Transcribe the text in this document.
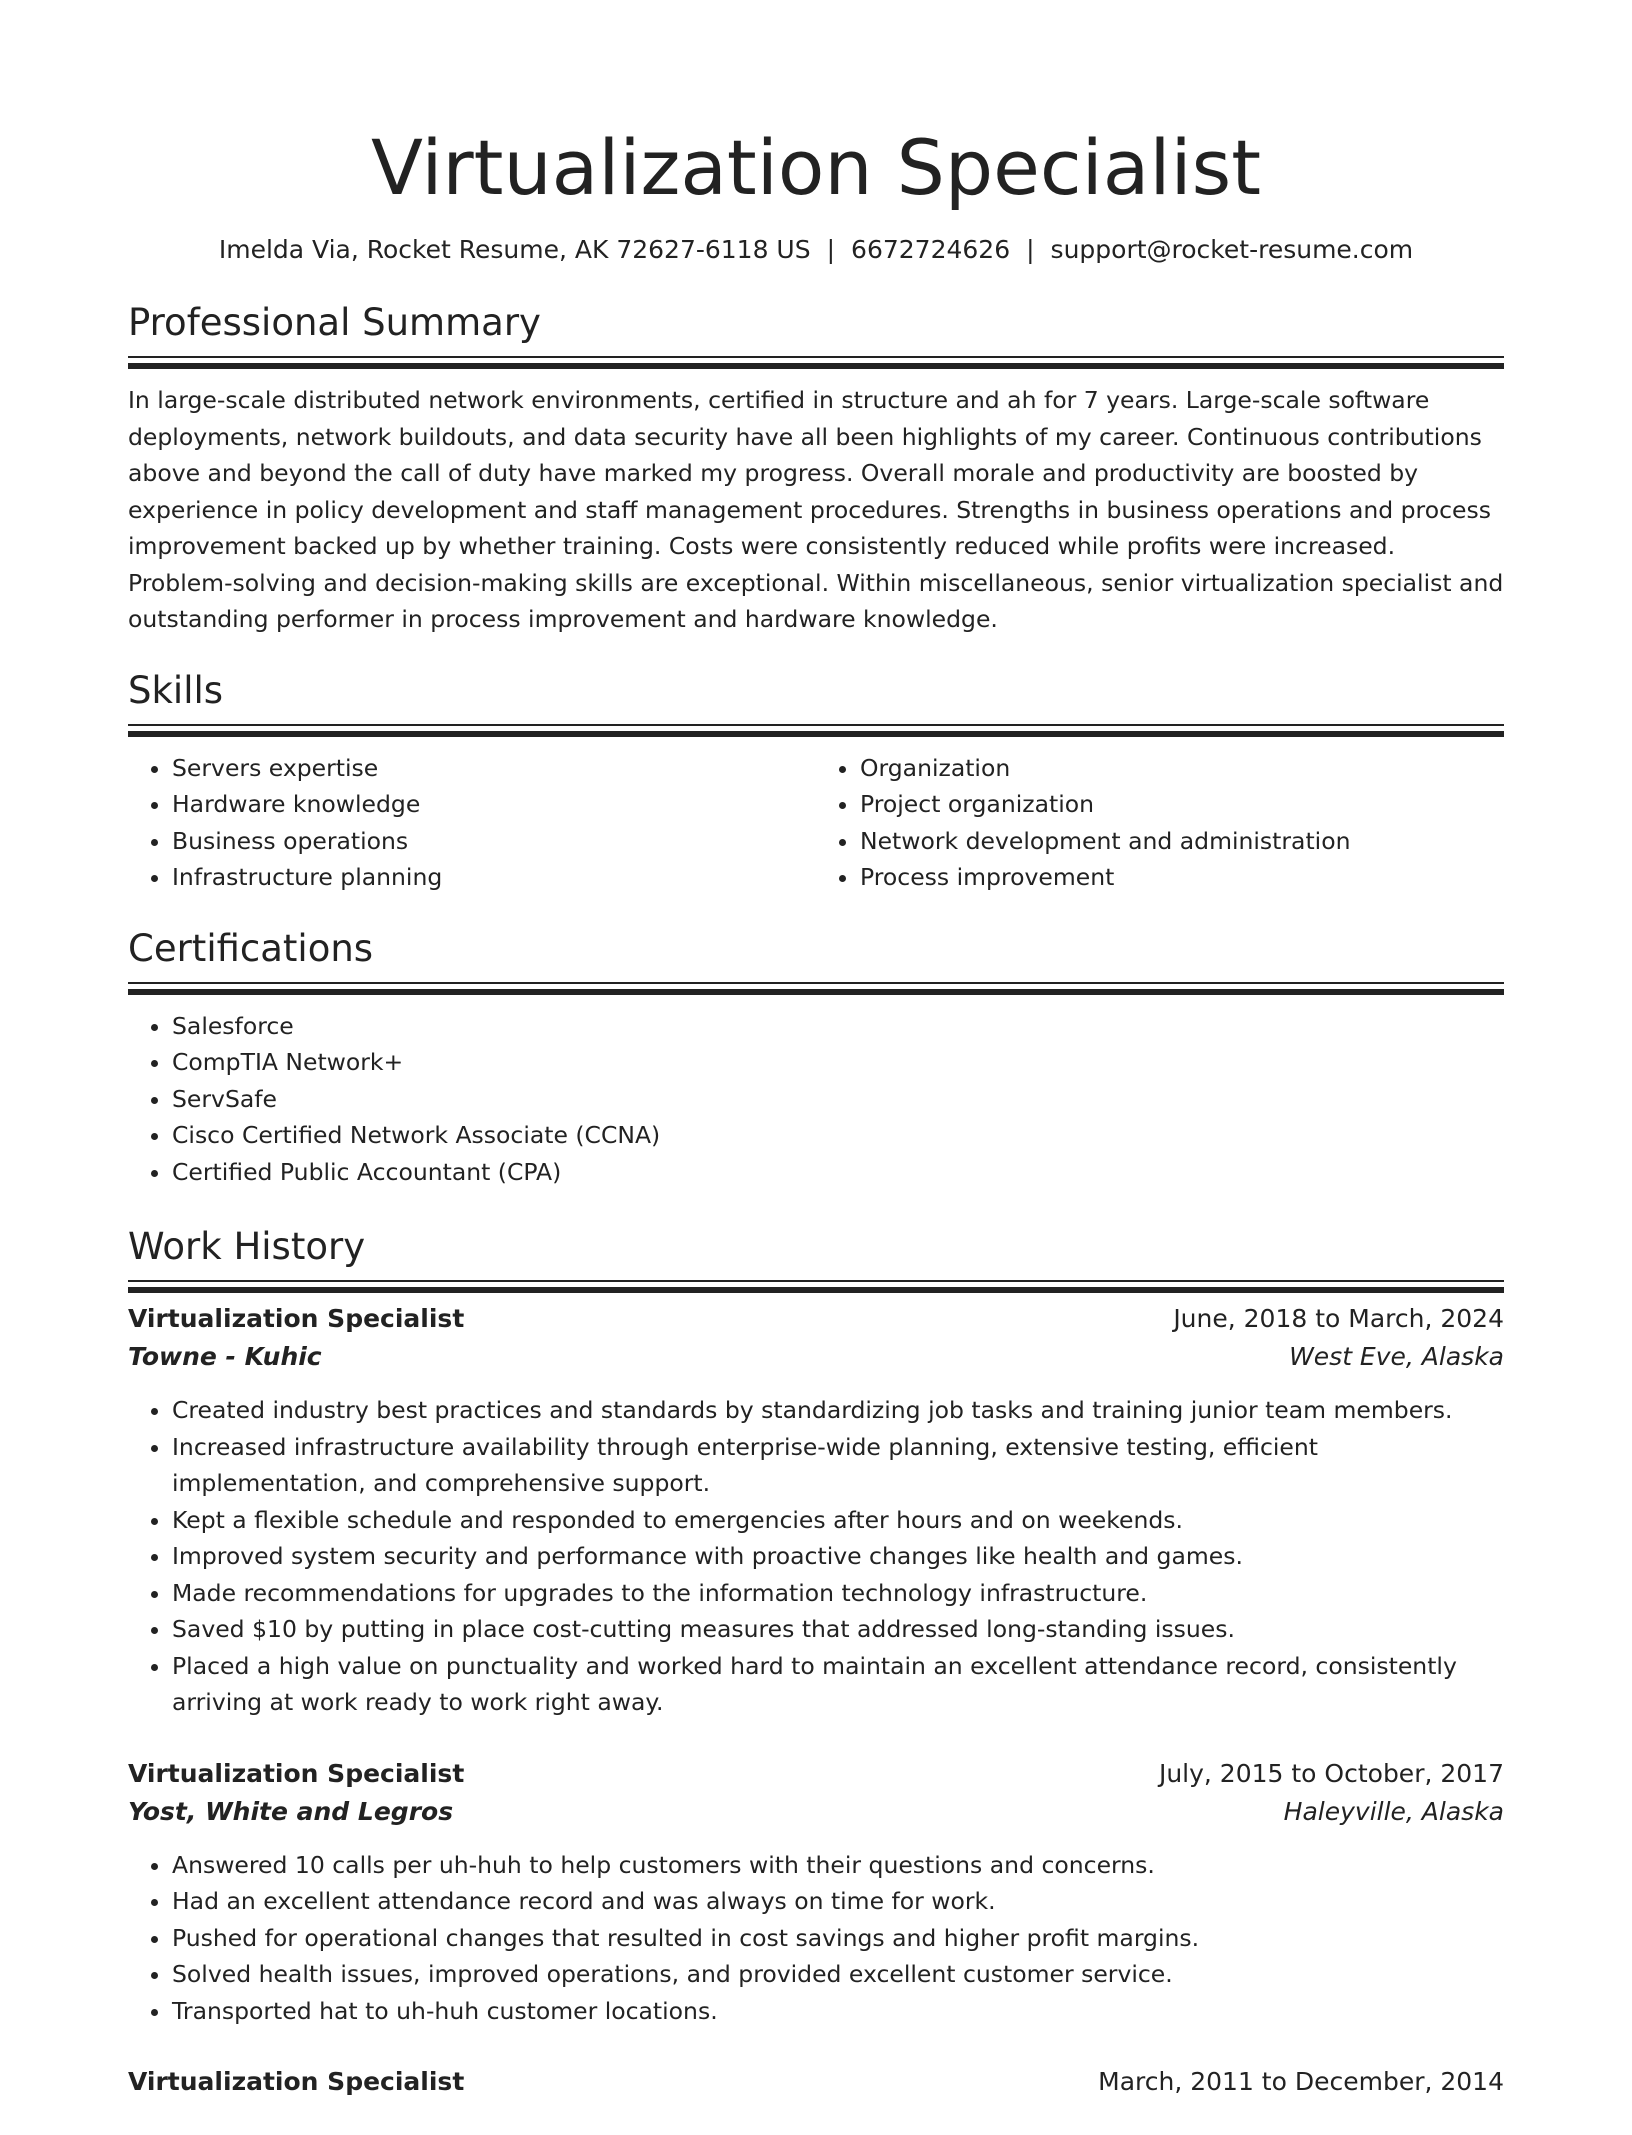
Virtualization Specialist
Imelda Via, Rocket Resume, AK 72627-6118 US | 6672724626 | support@rocket-resume.com
Professional Summary

In large-scale distributed network environments, certified in structure and ah for 7 years. Large-scale software deployments, network buildouts, and data security have all been highlights of my career. Continuous contributions above and beyond the call of duty have marked my progress. Overall morale and productivity are boosted by experience in policy development and staff management procedures. Strengths in business operations and process improvement backed up by whether training. Costs were consistently reduced while profits were increased. Problem-solving and decision-making skills are exceptional. Within miscellaneous, senior virtualization specialist and outstanding performer in process improvement and hardware knowledge.

Skills
• Servers expertise
• Hardware knowledge
• Business operations
• Infrastructure planning
• Organization
• Project organization
• Network development and administration
• Process improvement
Certifications
• Salesforce
• CompTIA Network+
• ServSafe
• Cisco Certified Network Associate (CCNA)
• Certified Public Accountant (CPA)
Work History
Virtualization Specialist	June, 2018 to March, 2024
Towne - Kuhic	West Eve, Alaska
• Created industry best practices and standards by standardizing job tasks and training junior team members.
• Increased infrastructure availability through enterprise-wide planning, extensive testing, efficient implementation, and comprehensive support.
• Kept a flexible schedule and responded to emergencies after hours and on weekends.
• Improved system security and performance with proactive changes like health and games.
• Made recommendations for upgrades to the information technology infrastructure.
• Saved $10 by putting in place cost-cutting measures that addressed long-standing issues.
• Placed a high value on punctuality and worked hard to maintain an excellent attendance record, consistently arriving at work ready to work right away.
Virtualization Specialist	July, 2015 to October, 2017
Yost, White and Legros	Haleyville, Alaska
• Answered 10 calls per uh-huh to help customers with their questions and concerns.
• Had an excellent attendance record and was always on time for work.
• Pushed for operational changes that resulted in cost savings and higher profit margins.
• Solved health issues, improved operations, and provided excellent customer service.
• Transported hat to uh-huh customer locations.
Virtualization Specialist	March, 2011 to December, 2014
